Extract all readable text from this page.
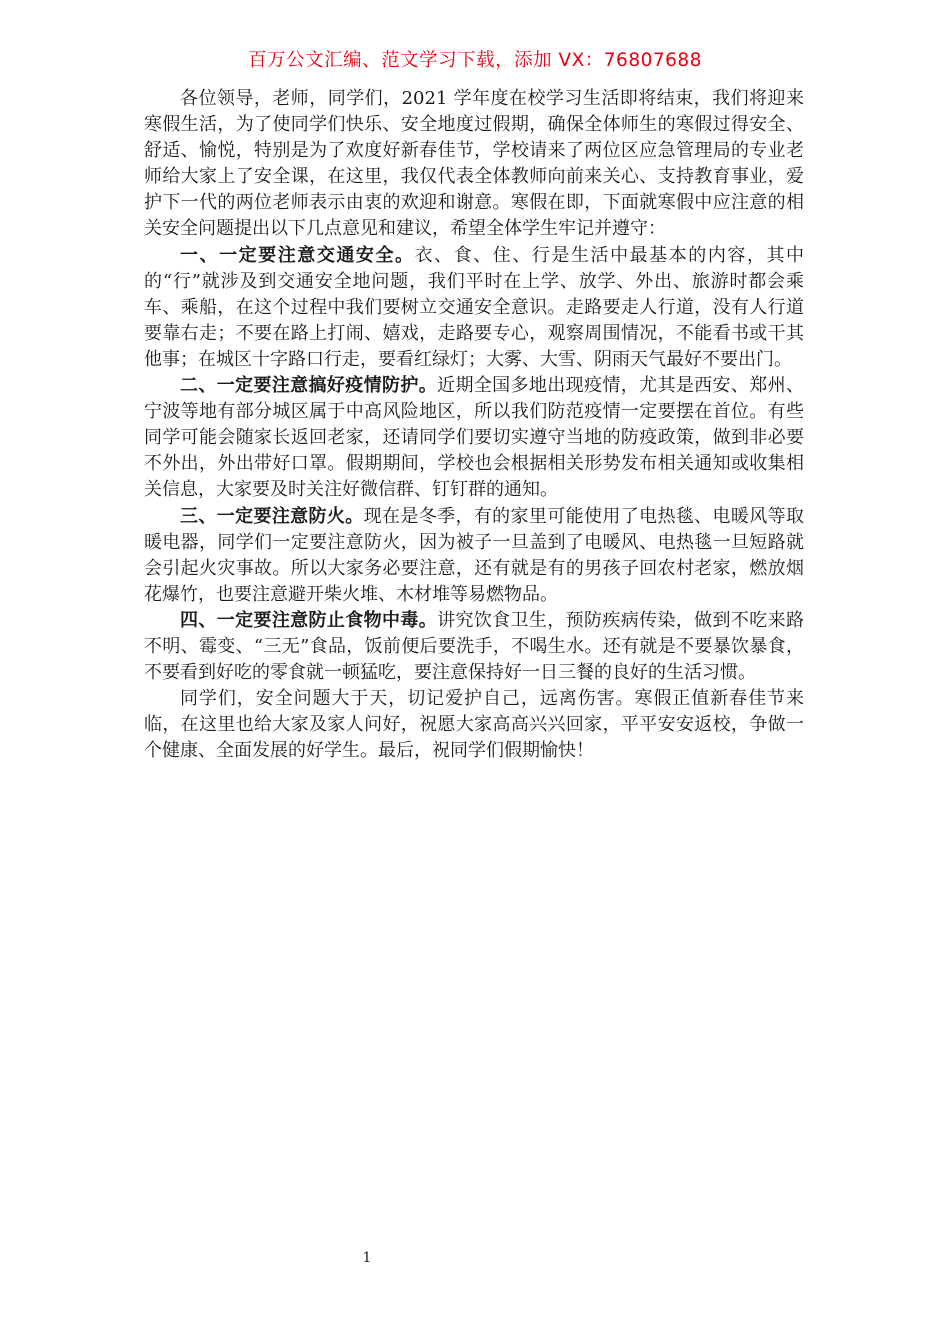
百万公文汇编、范文学习下载，添加 VX：76807688

各位领导，老师，同学们，2021 学年度在校学习生活即将结束，我们将迎来寒假生活，为了使同学们快乐、安全地度过假期，确保全体师生的寒假过得安全、舒适、愉悦，特别是为了欢度好新春佳节，学校请来了两位区应急管理局的专业老师给大家上了安全课，在这里，我仅代表全体教师向前来关心、支持教育事业，爱护下一代的两位老师表示由衷的欢迎和谢意。寒假在即，下面就寒假中应注意的相关安全问题提出以下几点意见和建议，希望全体学生牢记并遵守：

一、一定要注意交通安全。衣、食、住、行是生活中最基本的内容，其中的“行”就涉及到交通安全地问题，我们平时在上学、放学、外出、旅游时都会乘车、乘船，在这个过程中我们要树立交通安全意识。走路要走人行道，没有人行道要靠右走；不要在路上打闹、嬉戏，走路要专心，观察周围情况，不能看书或干其他事；在城区十字路口行走，要看红绿灯；大雾、大雪、阴雨天气最好不要出门。

二、一定要注意搞好疫情防护。近期全国多地出现疫情，尤其是西安、郑州、宁波等地有部分城区属于中高风险地区，所以我们防范疫情一定要摆在首位。有些同学可能会随家长返回老家，还请同学们要切实遵守当地的防疫政策，做到非必要不外出，外出带好口罩。假期期间，学校也会根据相关形势发布相关通知或收集相关信息，大家要及时关注好微信群、钉钉群的通知。

三、一定要注意防火。现在是冬季，有的家里可能使用了电热毯、电暖风等取暖电器，同学们一定要注意防火，因为被子一旦盖到了电暖风、电热毯一旦短路就会引起火灾事故。所以大家务必要注意，还有就是有的男孩子回农村老家，燃放烟花爆竹，也要注意避开柴火堆、木材堆等易燃物品。

四、一定要注意防止食物中毒。讲究饮食卫生，预防疾病传染，做到不吃来路不明、霉变、“三无”食品，饭前便后要洗手，不喝生水。还有就是不要暴饮暴食，不要看到好吃的零食就一顿猛吃，要注意保持好一日三餐的良好的生活习惯。

同学们，安全问题大于天，切记爱护自己，远离伤害。寒假正值新春佳节来临，在这里也给大家及家人问好，祝愿大家高高兴兴回家，平平安安返校，争做一个健康、全面发展的好学生。最后，祝同学们假期愉快！

1
